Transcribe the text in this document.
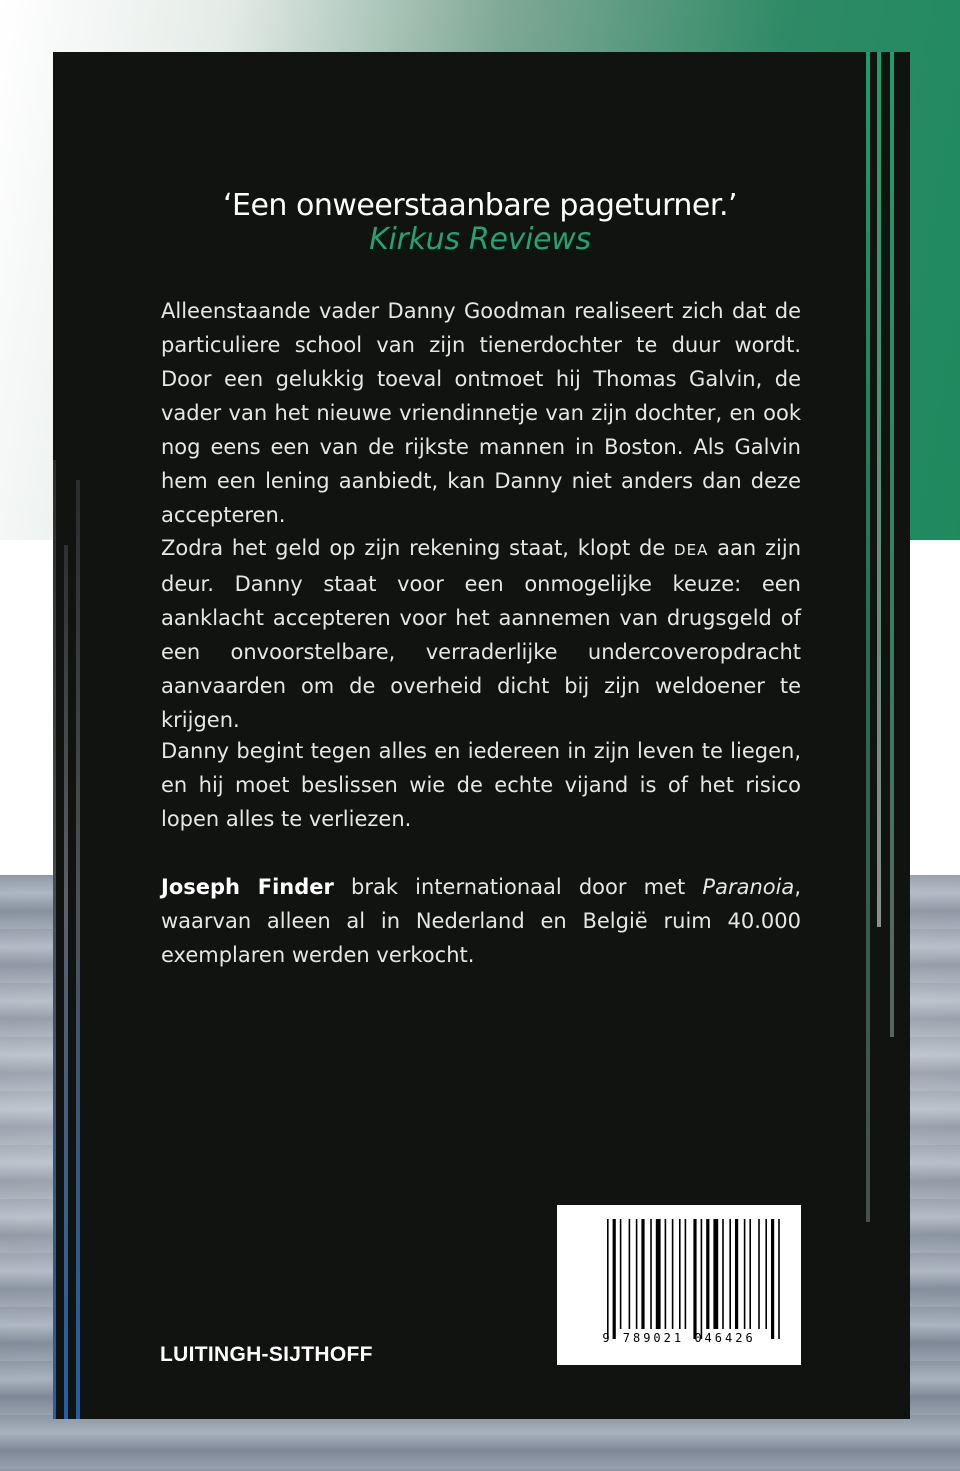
‘Een onweerstaanbare pageturner.’
Kirkus Reviews

Alleenstaande vader Danny Goodman realiseert zich dat de particuliere school van zijn tienerdochter te duur wordt. Door een gelukkig toeval ontmoet hij Thomas Galvin, de vader van het nieuwe vriendinnetje van zijn dochter, en ook nog eens een van de rijkste mannen in Boston. Als Galvin hem een lening aanbiedt, kan Danny niet anders dan deze accepteren.

Zodra het geld op zijn rekening staat, klopt de DEA aan zijn deur. Danny staat voor een onmogelijke keuze: een aanklacht accepteren voor het aannemen van drugsgeld of een onvoorstelbare, verraderlijke undercoveropdracht aanvaarden om de overheid dicht bij zijn weldoener te krijgen.

Danny begint tegen alles en iedereen in zijn leven te liegen, en hij moet beslissen wie de echte vijand is of het risico lopen alles te verliezen.

Joseph Finder brak internationaal door met Paranoia, waarvan alleen al in Nederland en België ruim 40.000 exemplaren werden verkocht.

LUITINGH-SIJTHOFF
9 789021 046426
